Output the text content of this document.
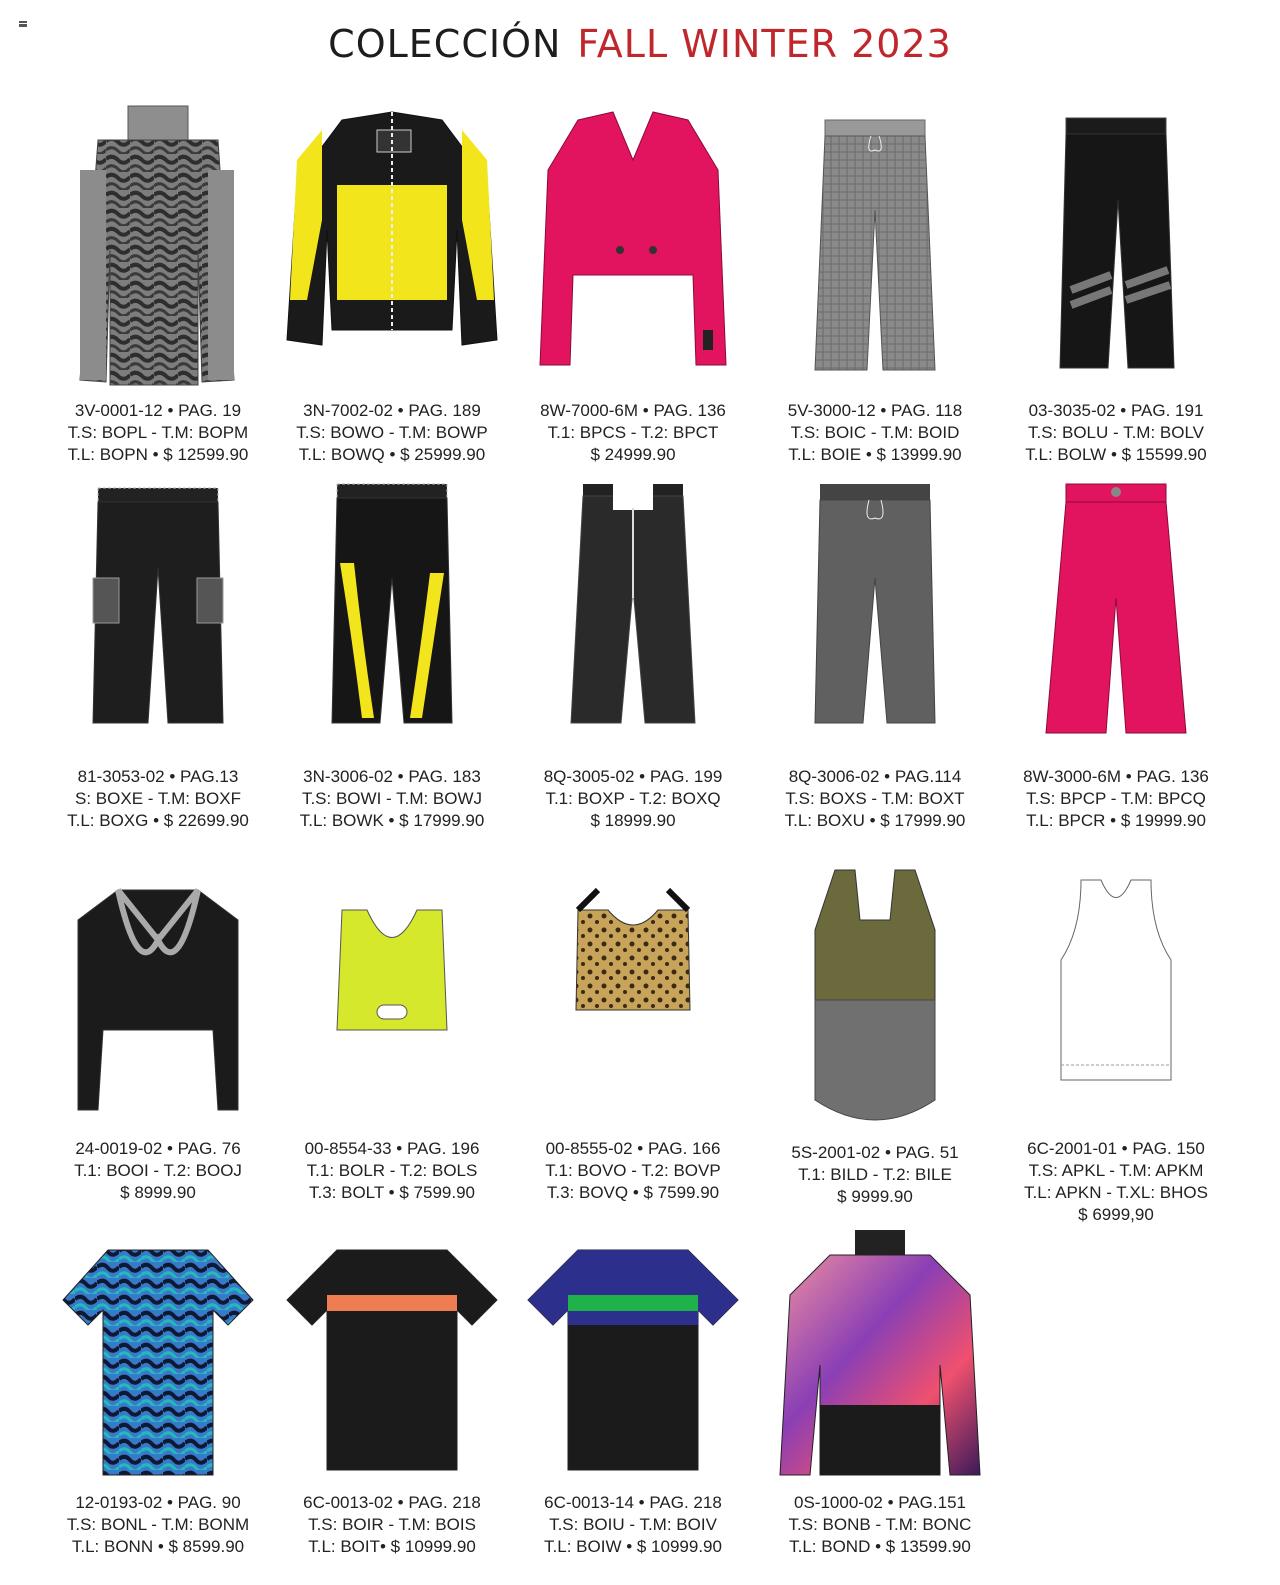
COLECCIÓN FALL WINTER 2023
3V-0001-12 • PAG. 19
T.S: BOPL - T.M: BOPM
T.L: BOPN • $ 12599.90
3N-7002-02 • PAG. 189
T.S: BOWO - T.M: BOWP
T.L: BOWQ • $ 25999.90
8W-7000-6M • PAG. 136
T.1: BPCS - T.2: BPCT
$ 24999.90
5V-3000-12 • PAG. 118
T.S: BOIC - T.M: BOID
T.L: BOIE • $ 13999.90
03-3035-02 • PAG. 191
T.S: BOLU - T.M: BOLV
T.L: BOLW • $ 15599.90
81-3053-02 • PAG.13
S: BOXE - T.M: BOXF
T.L: BOXG • $ 22699.90
3N-3006-02 • PAG. 183
T.S: BOWI - T.M: BOWJ
T.L: BOWK • $ 17999.90
8Q-3005-02 • PAG. 199
T.1: BOXP - T.2: BOXQ
$ 18999.90
8Q-3006-02 • PAG.114
T.S: BOXS - T.M: BOXT
T.L: BOXU • $ 17999.90
8W-3000-6M • PAG. 136
T.S: BPCP - T.M: BPCQ
T.L: BPCR • $ 19999.90
24-0019-02 • PAG. 76
T.1: BOOI - T.2: BOOJ
$ 8999.90
00-8554-33 • PAG. 196
T.1: BOLR - T.2: BOLS
T.3: BOLT • $ 7599.90
00-8555-02 • PAG. 166
T.1: BOVO - T.2: BOVP
T.3: BOVQ • $ 7599.90
5S-2001-02 • PAG. 51
T.1: BILD - T.2: BILE
$ 9999.90
6C-2001-01 • PAG. 150
T.S: APKL - T.M: APKM
T.L: APKN - T.XL: BHOS
$ 6999,90
12-0193-02 • PAG. 90
T.S: BONL - T.M: BONM
T.L: BONN • $ 8599.90
6C-0013-02 • PAG. 218
T.S: BOIR - T.M: BOIS
T.L: BOIT• $ 10999.90
6C-0013-14 • PAG. 218
T.S: BOIU - T.M: BOIV
T.L: BOIW • $ 10999.90
0S-1000-02 • PAG.151
T.S: BONB - T.M: BONC
T.L: BOND • $ 13599.90
